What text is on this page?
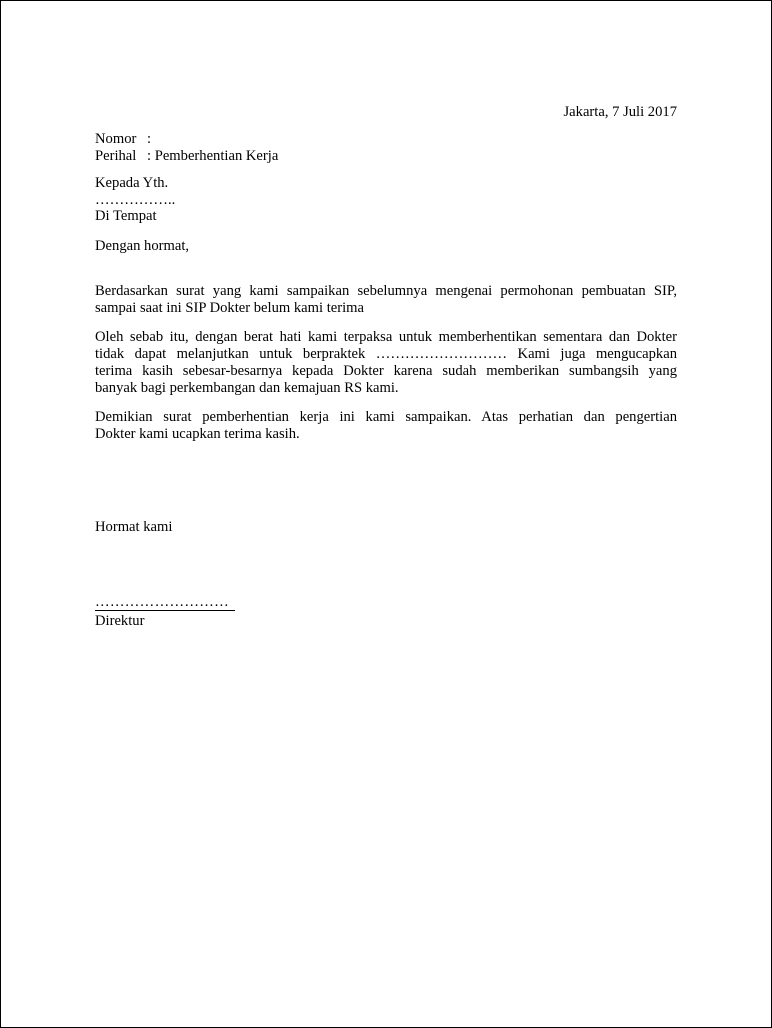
Jakarta, 7 Juli 2017
Nomor :
Perihal : Pemberhentian Kerja
Kepada Yth.
……………..
Di Tempat
Dengan hormat,
Berdasarkan surat yang kami sampaikan sebelumnya mengenai permohonan pembuatan SIP,
sampai saat ini SIP Dokter belum kami terima
Oleh sebab itu, dengan berat hati kami terpaksa untuk memberhentikan sementara dan Dokter
tidak dapat melanjutkan untuk berpraktek ……………………… Kami juga mengucapkan
terima kasih sebesar-besarnya kepada Dokter karena sudah memberikan sumbangsih yang
banyak bagi perkembangan dan kemajuan RS kami.
Demikian surat pemberhentian kerja ini kami sampaikan. Atas perhatian dan pengertian
Dokter kami ucapkan terima kasih.
Hormat kami
………………………
Direktur
